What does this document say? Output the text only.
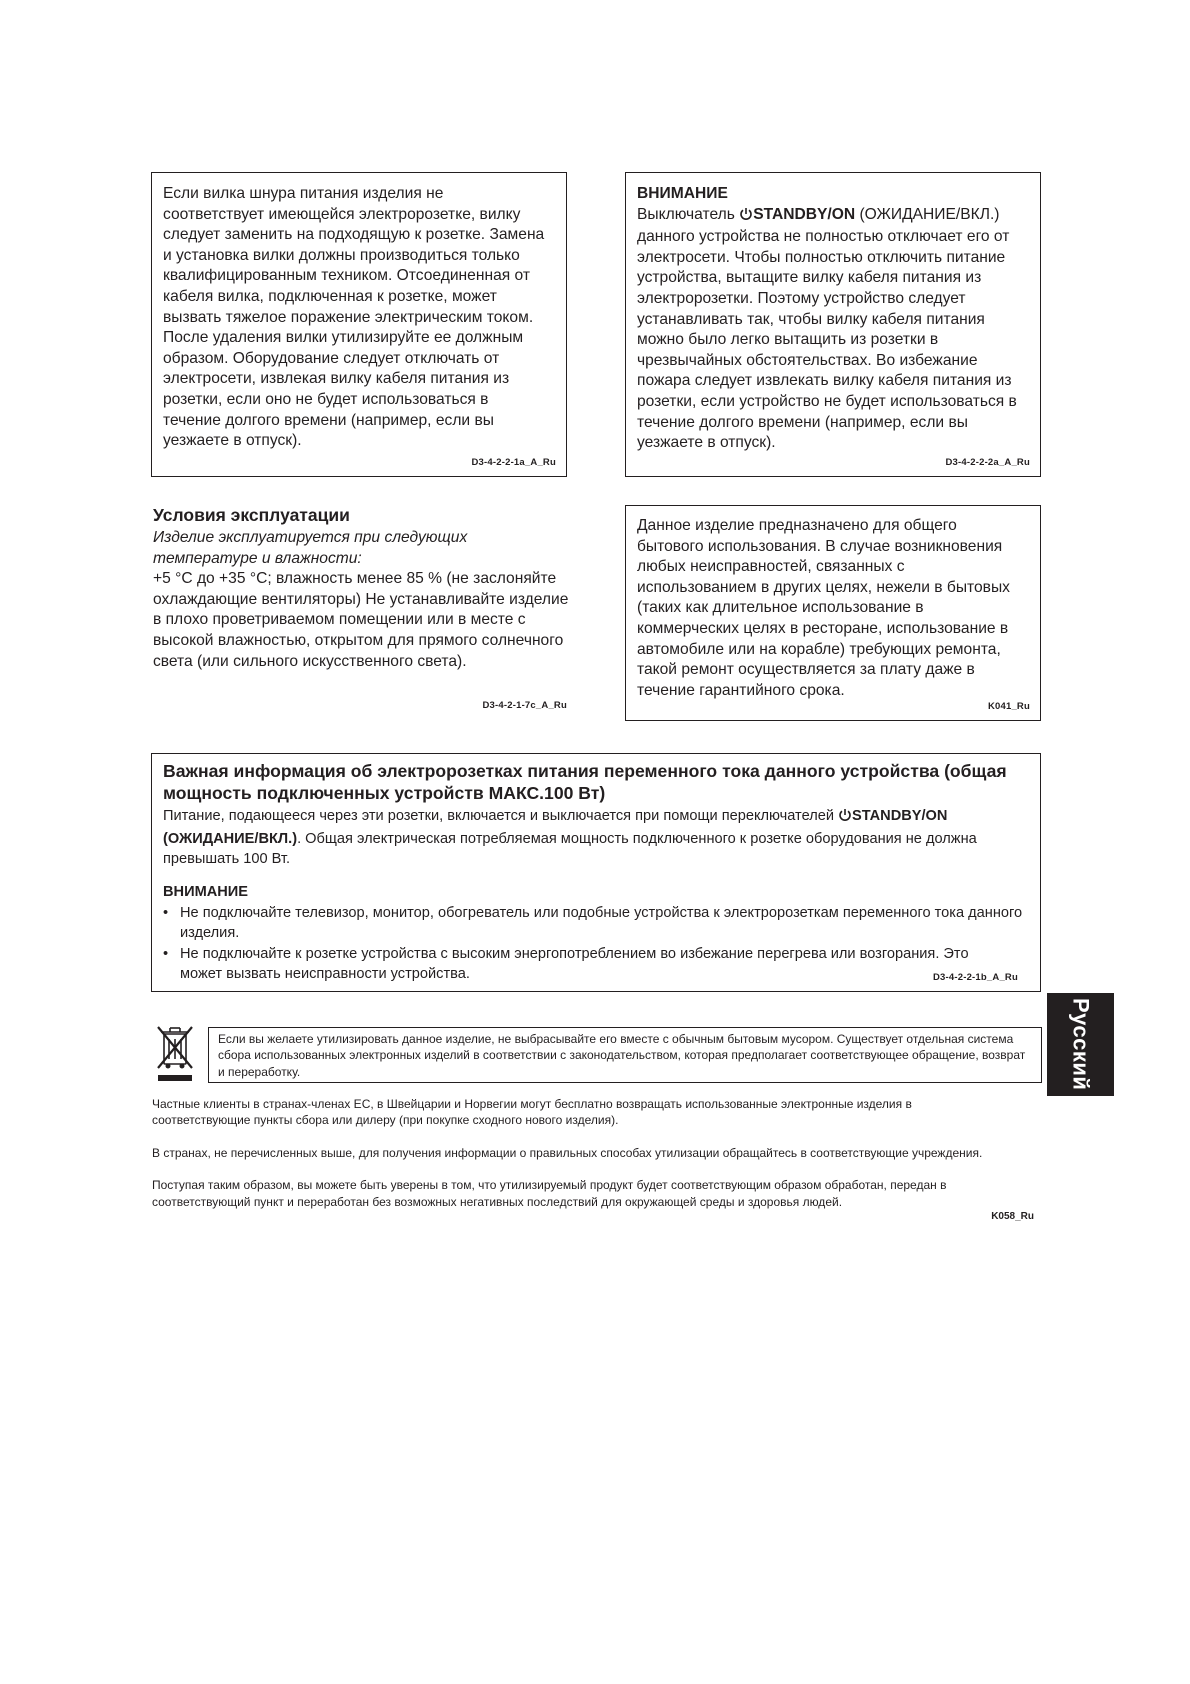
Если вилка шнура питания изделия не соответствует имеющейся электророзетке, вилку следует заменить на подходящую к розетке. Замена и установка вилки должны производиться только квалифицированным техником. Отсоединенная от кабеля вилка, подключенная к розетке, может вызвать тяжелое поражение электрическим током. После удаления вилки утилизируйте ее должным образом. Оборудование следует отключать от электросети, извлекая вилку кабеля питания из розетки, если оно не будет использоваться в течение долгого времени (например, если вы уезжаете в отпуск).

D3-4-2-2-1a_A_Ru

ВНИМАНИЕ

Выключатель STANDBY/ON (ОЖИДАНИЕ/ВКЛ.) данного устройства не полностью отключает его от электросети. Чтобы полностью отключить питание устройства, вытащите вилку кабеля питания из электророзетки. Поэтому устройство следует устанавливать так, чтобы вилку кабеля питания можно было легко вытащить из розетки в чрезвычайных обстоятельствах. Во избежание пожара следует извлекать вилку кабеля питания из розетки, если устройство не будет использоваться в течение долгого времени (например, если вы уезжаете в отпуск).

D3-4-2-2-2a_A_Ru

Условия эксплуатации

Изделие эксплуатируется при следующих температуре и влажности:

+5 °C до +35 °C; влажность менее 85 % (не заслоняйте охлаждающие вентиляторы) Не устанавливайте изделие в плохо проветриваемом помещении или в месте с высокой влажностью, открытом для прямого солнечного света (или сильного искусственного света).

D3-4-2-1-7c_A_Ru

Данное изделие предназначено для общего бытового использования. В случае возникновения любых неисправностей, связанных с использованием в других целях, нежели в бытовых (таких как длительное использование в коммерческих целях в ресторане, использование в автомобиле или на корабле) требующих ремонта, такой ремонт осуществляется за плату даже в течение гарантийного срока.

K041_Ru

Важная информация об электророзетках питания переменного тока данного устройства (общая мощность подключенных устройств МАКС.100 Вт)

Питание, подающееся через эти розетки, включается и выключается при помощи переключателей STANDBY/ON (ОЖИДАНИЕ/ВКЛ.). Общая электрическая потребляемая мощность подключенного к розетке оборудования не должна превышать 100 Вт.

ВНИМАНИЕ

• Не подключайте телевизор, монитор, обогреватель или подобные устройства к электророзеткам переменного тока данного изделия.
• Не подключайте к розетке устройства с высоким энергопотреблением во избежание перегрева или возгорания. Это может вызвать неисправности устройства.	D3-4-2-2-1b_A_Ru
Русский

Если вы желаете утилизировать данное изделие, не выбрасывайте его вместе с обычным бытовым мусором. Существует отдельная система сбора использованных электронных изделий в соответствии с законодательством, которая предполагает соответствующее обращение, возврат и переработку.

Частные клиенты в странах-членах ЕС, в Швейцарии и Норвегии могут бесплатно возвращать использованные электронные изделия в соответствующие пункты сбора или дилеру (при покупке сходного нового изделия).

В странах, не перечисленных выше, для получения информации о правильных способах утилизации обращайтесь в соответствующие учреждения.

Поступая таким образом, вы можете быть уверены в том, что утилизируемый продукт будет соответствующим образом обработан, передан в соответствующий пункт и переработан без возможных негативных последствий для окружающей среды и здоровья людей.

K058_Ru
